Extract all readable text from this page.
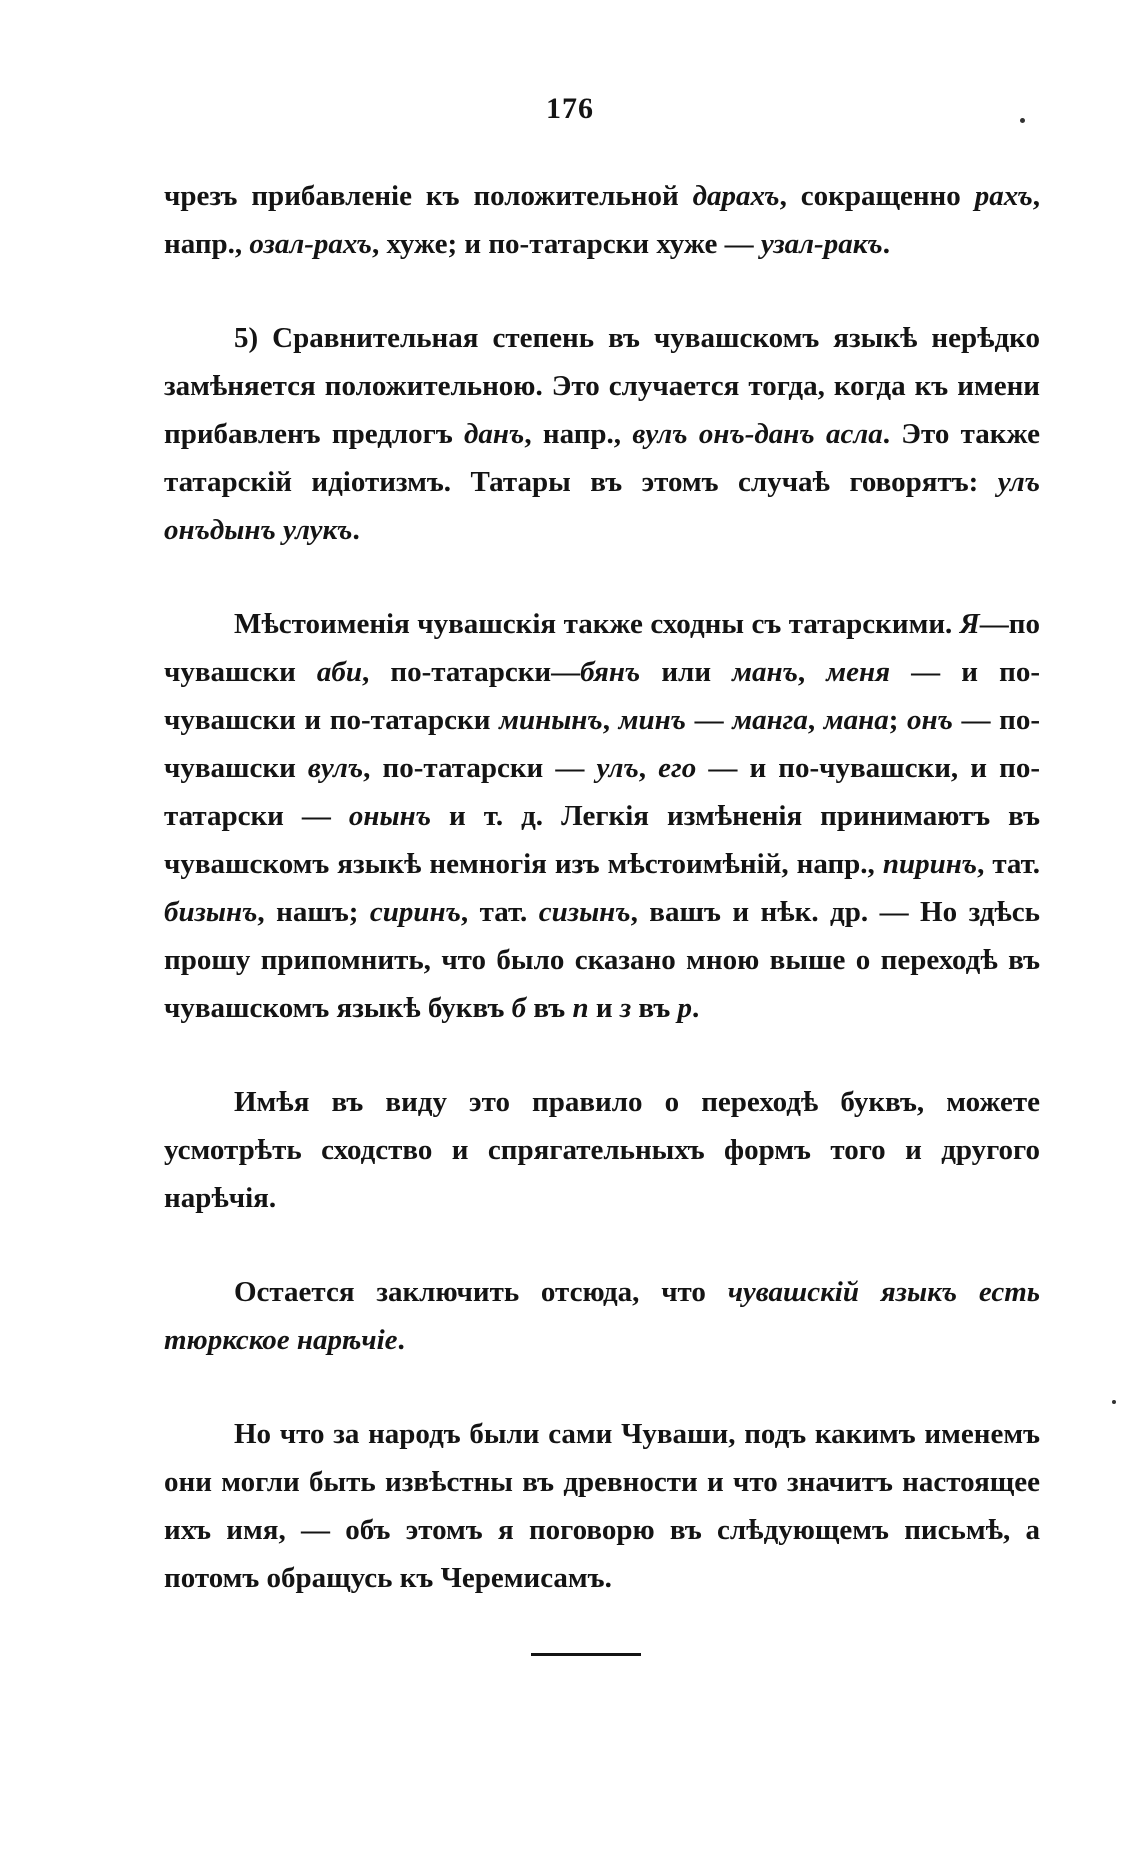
176

чрезъ прибавленіе къ положительной дарахъ, сокращенно рахъ, напр., озал-рахъ, хуже; и по-татарски хуже — узал-ракъ.

5) Сравнительная степень въ чувашскомъ языкѣ нерѣдко замѣняется положительною. Это случается тогда, когда къ имени прибавленъ предлогъ данъ, напр., вулъ онъ-данъ асла. Это также татарскій идіотизмъ. Татары въ этомъ случаѣ говорятъ: улъ онъдынъ улукъ.

Мѣстоименія чувашскія также сходны съ татарскими. Я—по чувашски аби, по-татарски—бянъ или манъ, меня — и по-чувашски и по-татарски минынъ, минъ — манга, мана; онъ — по-чувашски вулъ, по-татарски — улъ, его — и по-чувашски, и по-татарски — онынъ и т. д. Легкія измѣненія принимаютъ въ чувашскомъ языкѣ немногія изъ мѣстоимѣній, напр., пиринъ, тат. бизынъ, нашъ; сиринъ, тат. сизынъ, вашъ и нѣк. др. — Но здѣсь прошу припомнить, что было сказано мною выше о переходѣ въ чувашскомъ языкѣ буквъ б въ п и з въ р.

Имѣя въ виду это правило о переходѣ буквъ, можете усмотрѣть сходство и спрягательныхъ формъ того и другого нарѣчія.

Остается заключить отсюда, что чувашскій языкъ есть тюркское нарѣчіе.

Но что за народъ были сами Чуваши, подъ какимъ именемъ они могли быть извѣстны въ древности и что значитъ настоящее ихъ имя, — объ этомъ я поговорю въ слѣдующемъ письмѣ, а потомъ обращусь къ Черемисамъ.
